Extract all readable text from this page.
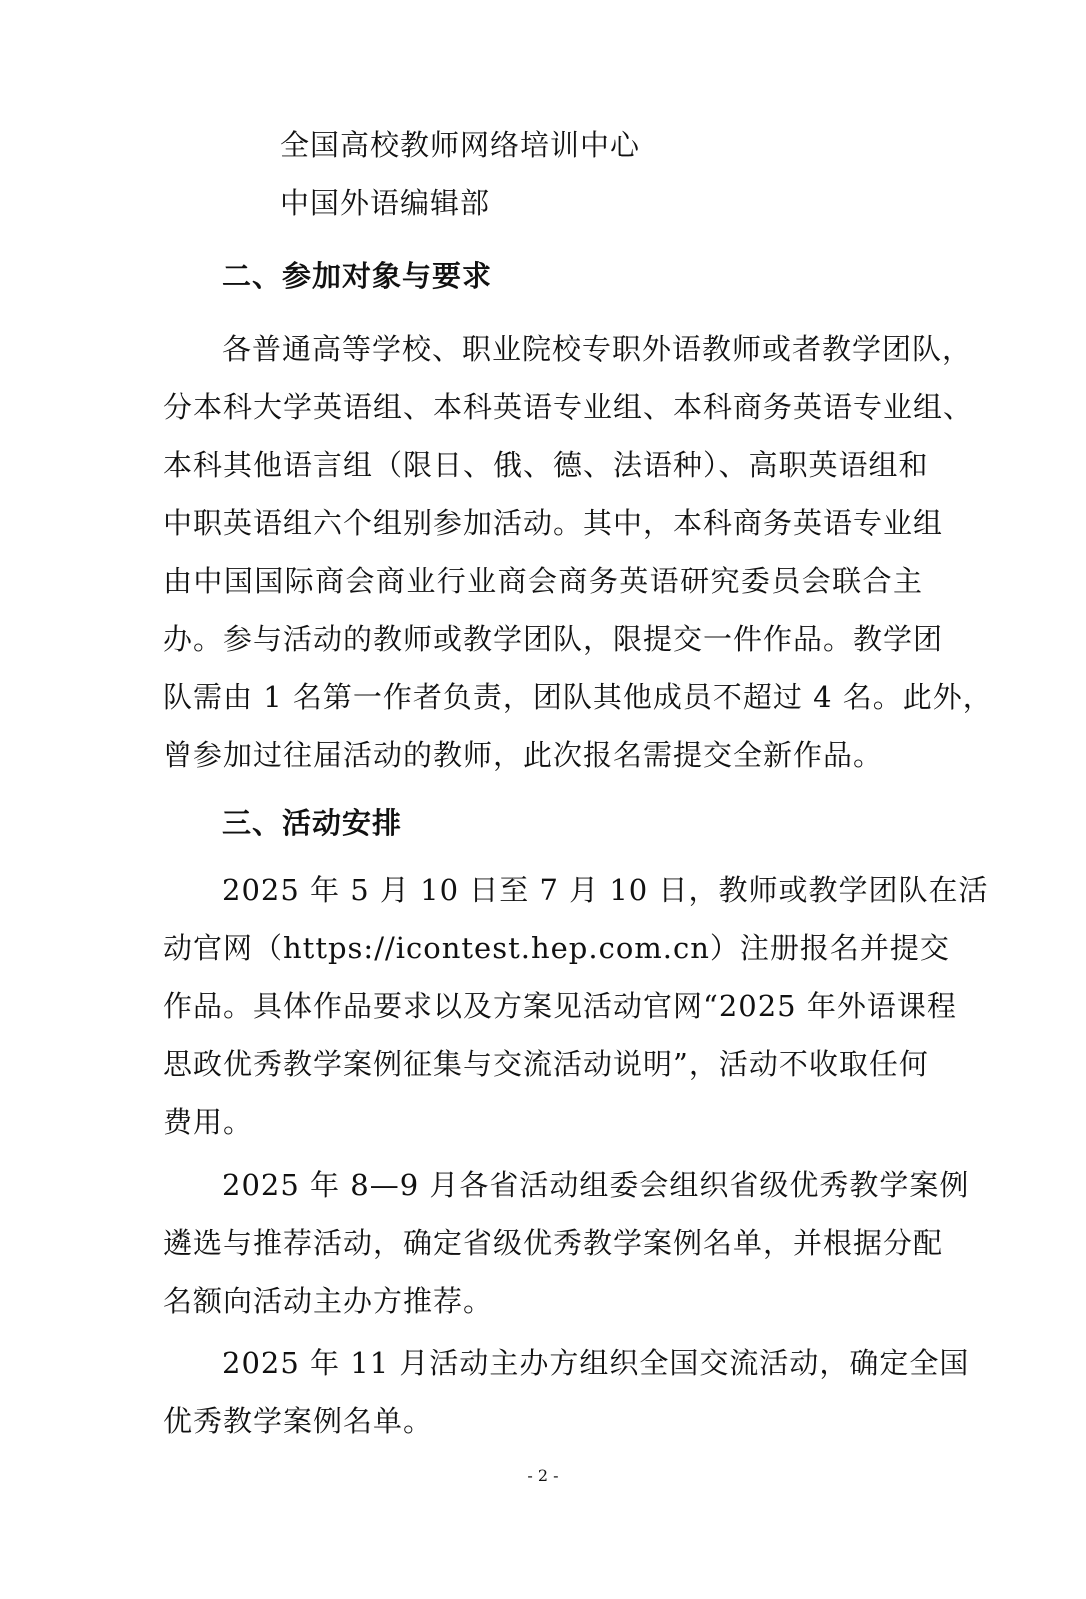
全国高校教师网络培训中心
中国外语编辑部
二、参加对象与要求
各普通高等学校、职业院校专职外语教师或者教学团队，
分本科大学英语组、本科英语专业组、本科商务英语专业组、
本科其他语言组（限日、俄、德、法语种）、高职英语组和
中职英语组六个组别参加活动。其中，本科商务英语专业组
由中国国际商会商业行业商会商务英语研究委员会联合主
办。参与活动的教师或教学团队，限提交一件作品。教学团
队需由 1 名第一作者负责，团队其他成员不超过 4 名。此外，
曾参加过往届活动的教师，此次报名需提交全新作品。
三、活动安排
2025 年 5 月 10 日至 7 月 10 日，教师或教学团队在活
动官网（https://icontest.hep.com.cn）注册报名并提交
作品。具体作品要求以及方案见活动官网“2025 年外语课程
思政优秀教学案例征集与交流活动说明”，活动不收取任何
费用。
2025 年 8—9 月各省活动组委会组织省级优秀教学案例
遴选与推荐活动，确定省级优秀教学案例名单，并根据分配
名额向活动主办方推荐。
2025 年 11 月活动主办方组织全国交流活动，确定全国
优秀教学案例名单。
- 2 -
